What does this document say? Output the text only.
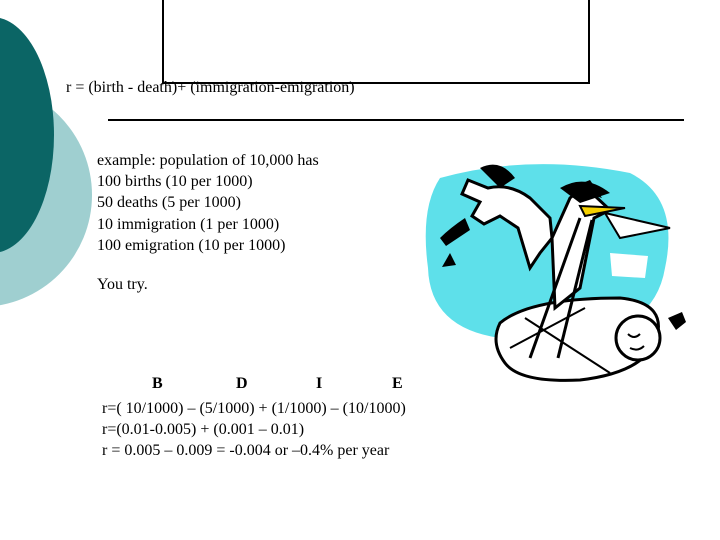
r = (birth - death)+ (immigration-emigration)
example: population of 10,000 has
100 births (10 per 1000)
50 deaths (5 per 1000)
10 immigration (1 per 1000)
100 emigration (10 per 1000)
You try.
B	D	I	E
r=( 10/1000) – (5/1000) + (1/1000) – (10/1000)
r=(0.01-0.005) + (0.001 – 0.01)
r = 0.005 – 0.009 = -0.004 or –0.4% per year
